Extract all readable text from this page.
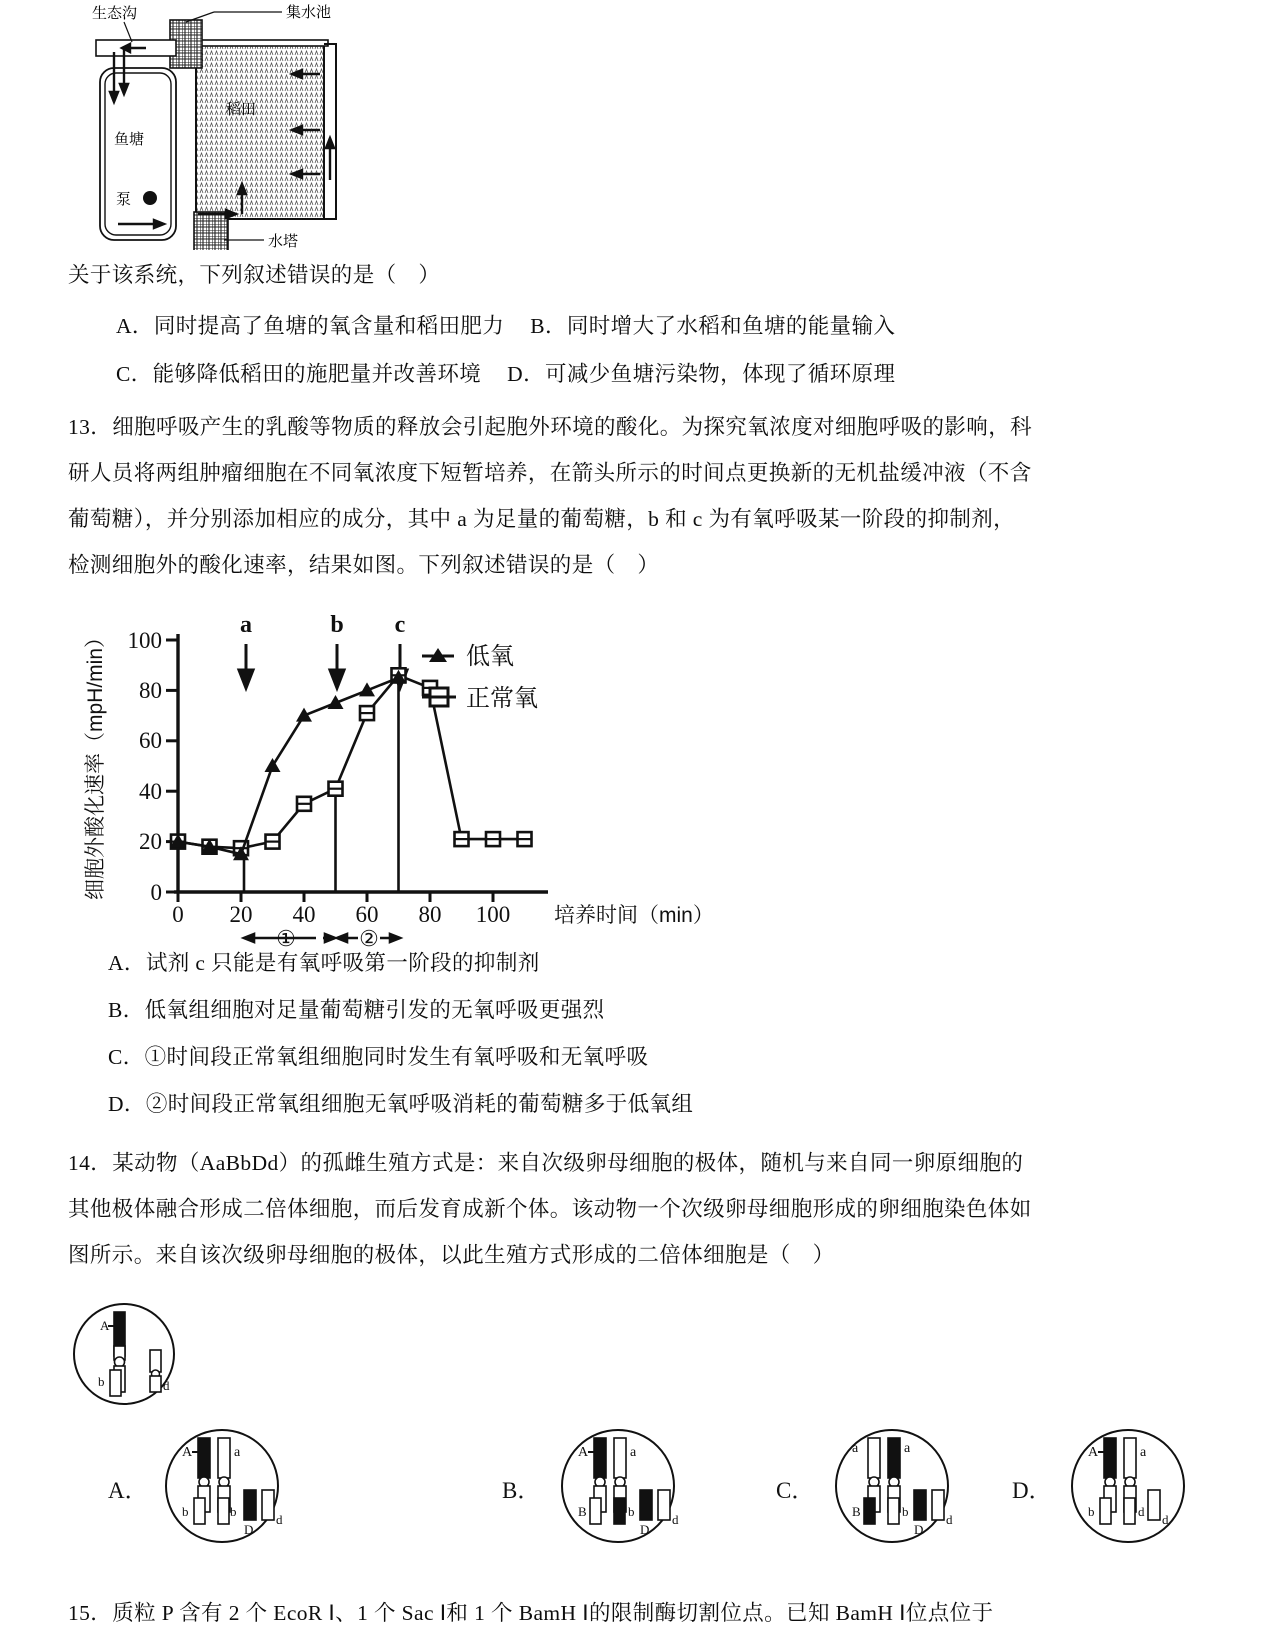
生态沟	集水池
稻田
鱼塘
泵
水塔
关于该系统，下列叙述错误的是（　）
A．同时提高了鱼塘的氧含量和稻田肥力 B．同时增大了水稻和鱼塘的能量输入
C．能够降低稻田的施肥量并改善环境 D．可减少鱼塘污染物，体现了循环原理

13．细胞呼吸产生的乳酸等物质的释放会引起胞外环境的酸化。为探究氧浓度对细胞呼吸的影响，科

研人员将两组肿瘤细胞在不同氧浓度下短暂培养，在箭头所示的时间点更换新的无机盐缓冲液（不含

葡萄糖），并分别添加相应的成分，其中 a 为足量的葡萄糖，b 和 c 为有氧呼吸某一阶段的抑制剂，

检测细胞外的酸化速率，结果如图。下列叙述错误的是（　）

0
20
40
60
80
100
0 20 40 60 80 100
细胞外酸化速率（mpH/min）
培养时间（min）
a	b c
低氧
正常氧
①	②
A．试剂 c 只能是有氧呼吸第一阶段的抑制剂
B．低氧组细胞对足量葡萄糖引发的无氧呼吸更强烈
C．①时间段正常氧组细胞同时发生有氧呼吸和无氧呼吸
D．②时间段正常氧组细胞无氧呼吸消耗的葡萄糖多于低氧组

14．某动物（AaBbDd）的孤雌生殖方式是：来自次级卵母细胞的极体，随机与来自同一卵原细胞的

其他极体融合形成二倍体细胞，而后发育成新个体。该动物一个次级卵母细胞形成的卵细胞染色体如

图所示。来自该次级卵母细胞的极体，以此生殖方式形成的二倍体细胞是（　）

A
b	d
A．
A	a
b	b
D
d
B．
A	a
B	b
D
d
C．
a	a
B	b
D
d
D．
A	a
b	d
d
15．质粒 P 含有 2 个 EcoR Ⅰ、1 个 Sac Ⅰ和 1 个 BamH Ⅰ的限制酶切割位点。已知 BamH Ⅰ位点位于
